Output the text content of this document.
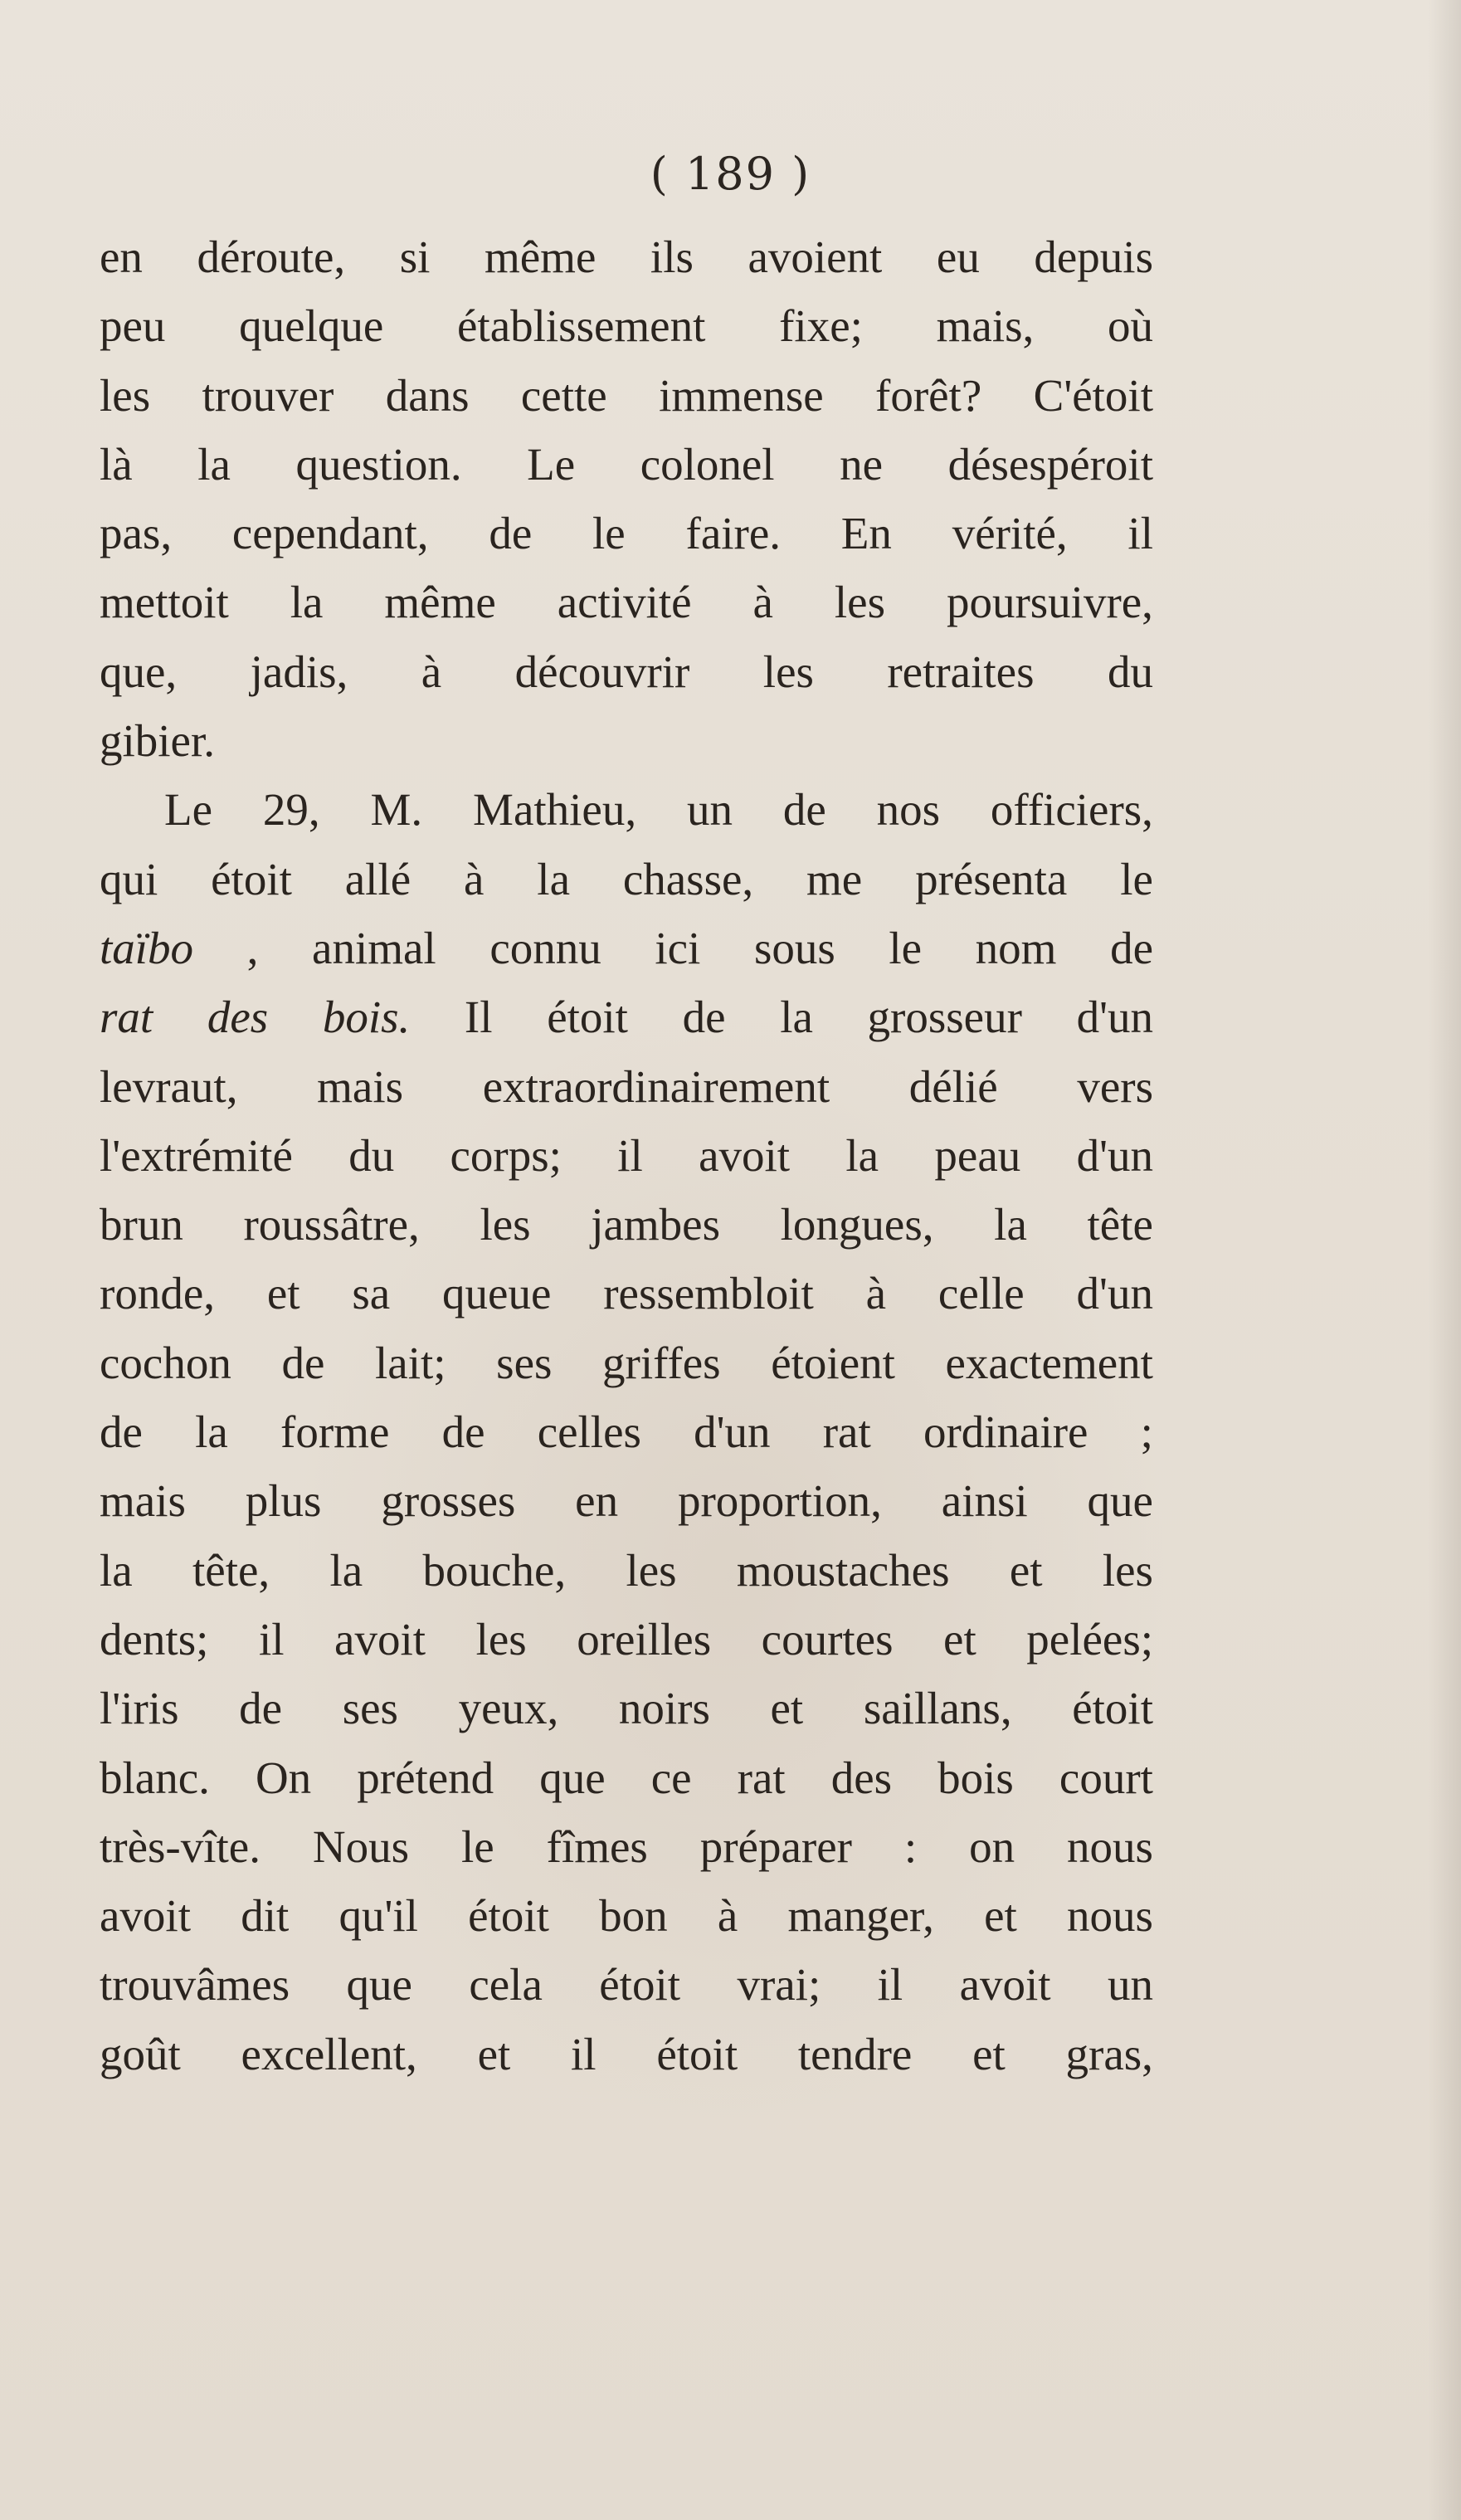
( 189 )
en déroute, si même ils avoient eu depuis
peu quelque établissement fixe; mais, où
les trouver dans cette immense forêt? C'étoit
là la question. Le colonel ne désespéroit
pas, cependant, de le faire. En vérité, il
mettoit la même activité à les poursuivre,
que, jadis, à découvrir les retraites du
gibier.
Le 29, M. Mathieu, un de nos officiers,
qui étoit allé à la chasse, me présenta le
taïbo , animal connu ici sous le nom de
rat des bois. Il étoit de la grosseur d'un
levraut, mais extraordinairement délié vers
l'extrémité du corps; il avoit la peau d'un
brun roussâtre, les jambes longues, la tête
ronde, et sa queue ressembloit à celle d'un
cochon de lait; ses griffes étoient exactement
de la forme de celles d'un rat ordinaire ;
mais plus grosses en proportion, ainsi que
la tête, la bouche, les moustaches et les
dents; il avoit les oreilles courtes et pelées;
l'iris de ses yeux, noirs et saillans, étoit
blanc. On prétend que ce rat des bois court
très-vîte. Nous le fîmes préparer : on nous
avoit dit qu'il étoit bon à manger, et nous
trouvâmes que cela étoit vrai; il avoit un
goût excellent, et il étoit tendre et gras,
